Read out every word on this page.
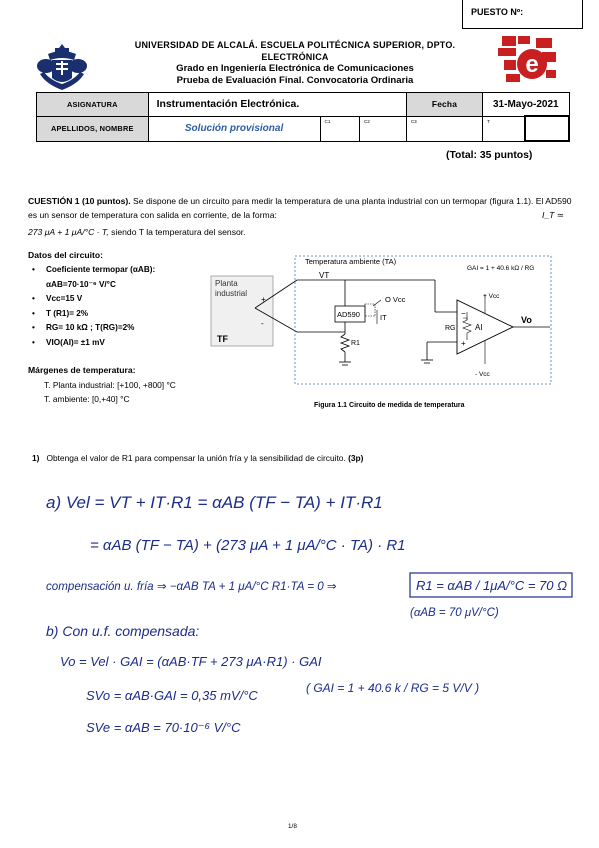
PUESTO Nº:
UNIVERSIDAD DE ALCALÁ. ESCUELA POLITÉCNICA SUPERIOR, DPTO. ELECTRÓNICA
Grado en Ingeniería Electrónica de Comunicaciones
Prueba de Evaluación Final. Convocatoria Ordinaria
e
ASIGNATURA	Instrumentación Electrónica.			Fecha	31-Mayo-2021	
APELLIDOS, NOMBRE	Solución provisional	C1	C2	C3	T	
(Total: 35 puntos)
CUESTIÓN 1 (10 puntos). Se dispone de un circuito para medir la temperatura de una planta industrial con un termopar (figura 1.1). El AD590 es un sensor de temperatura con salida en corriente, de la forma:	I_T ≃
273 μA + 1 μA/°C · T, siendo T la temperatura del sensor.
Datos del circuito:
• Coeficiente termopar (αAB):
αAB=70·10⁻⁶ V/°C
• Vcc=15 V
• T (R1)= 2%
• RG= 10 kΩ ; T(RG)=2%
• VIO(AI)= ±1 mV
Márgenes de temperatura:
T. Planta industrial: [+100, +800] °C
T. ambiente: [0,+40] °C
Planta
industrial
TF
+
-
Temperatura ambiente (TA)
VT
AD590
O Vcc
IT
R1
AI
−
+
RG
+ Vcc
- Vcc
Vo
GAI = 1 + 40.6 kΩ / RG
Figura 1.1 Circuito de medida de temperatura
1) Obtenga el valor de R1 para compensar la unión fría y la sensibilidad de circuito. (3p)
a) Vel = VT + IT·R1 = αAB (TF − TA) + IT·R1
= αAB (TF − TA) + (273 μA + 1 μA/°C · TA) · R1
compensación u. fría ⇒ −αAB TA + 1 μA/°C R1·TA = 0 ⇒	R1 = αAB / 1μA/°C = 70 Ω
(αAB = 70 μV/°C)
b) Con u.f. compensada:
Vo = Vel · GAI = (αAB·TF + 273 μA·R1) · GAI
SVo = αAB·GAI = 0,35 mV/°C	( GAI = 1 + 40.6 k / RG = 5 V/V )
SVe = αAB = 70·10⁻⁶ V/°C
1/8
